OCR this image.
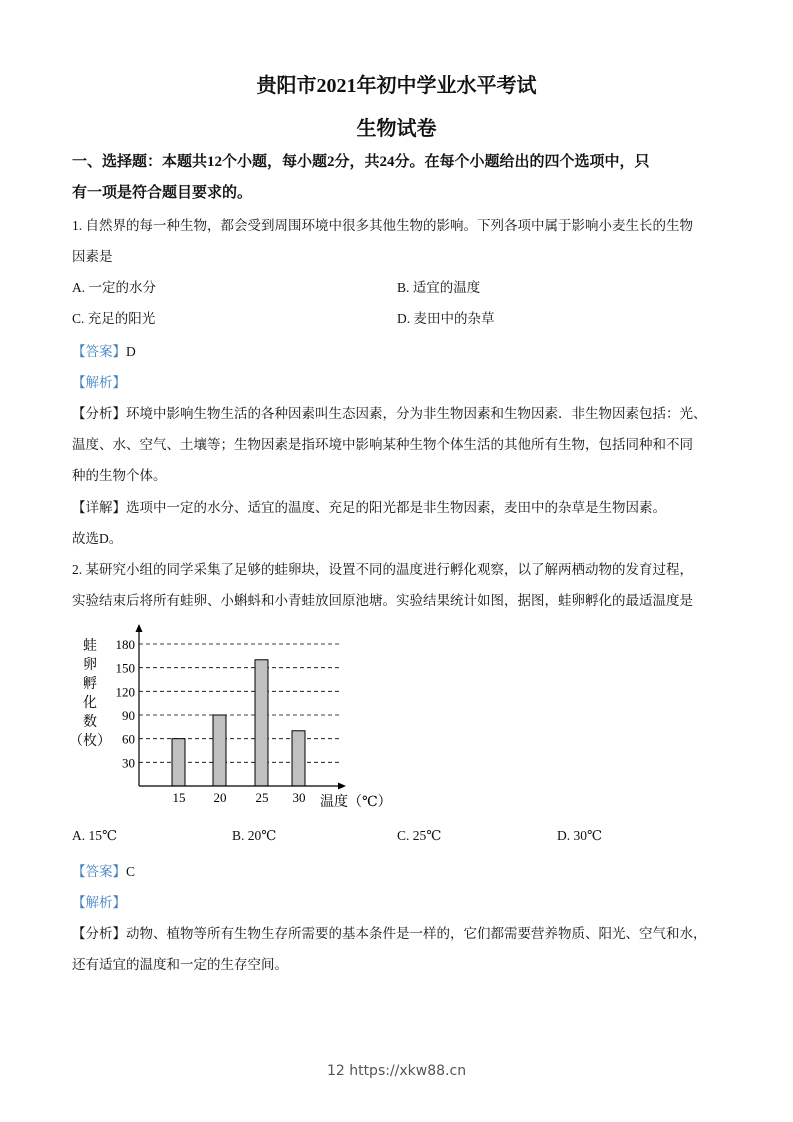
贵阳市2021年初中学业水平考试
生物试卷
一、选择题：本题共12个小题，每小题2分，共24分。在每个小题给出的四个选项中，只
有一项是符合题目要求的。
1. 自然界的每一种生物，都会受到周围环境中很多其他生物的影响。下列各项中属于影响小麦生长的生物
因素是
A. 一定的水分	B. 适宜的温度
C. 充足的阳光	D. 麦田中的杂草
【答案】D
【解析】
【分析】环境中影响生物生活的各种因素叫生态因素，分为非生物因素和生物因素．非生物因素包括：光、
温度、水、空气、土壤等；生物因素是指环境中影响某种生物个体生活的其他所有生物，包括同种和不同
种的生物个体。
【详解】选项中一定的水分、适宜的温度、充足的阳光都是非生物因素，麦田中的杂草是生物因素。
故选D。
2. 某研究小组的同学采集了足够的蛙卵块，设置不同的温度进行孵化观察，以了解两栖动物的发育过程，
实验结束后将所有蛙卵、小蝌蚪和小青蛙放回原池塘。实验结果统计如图，据图，蛙卵孵化的最适温度是
蛙
卵
孵
化
数
（枚）
30
60
90
120
150
180
15 20 25 30 温度（℃）
A. 15℃	B. 20℃	C. 25℃	D. 30℃
【答案】C
【解析】
【分析】动物、植物等所有生物生存所需要的基本条件是一样的，它们都需要营养物质、阳光、空气和水，
还有适宜的温度和一定的生存空间。
12 https://xkw88.cn
